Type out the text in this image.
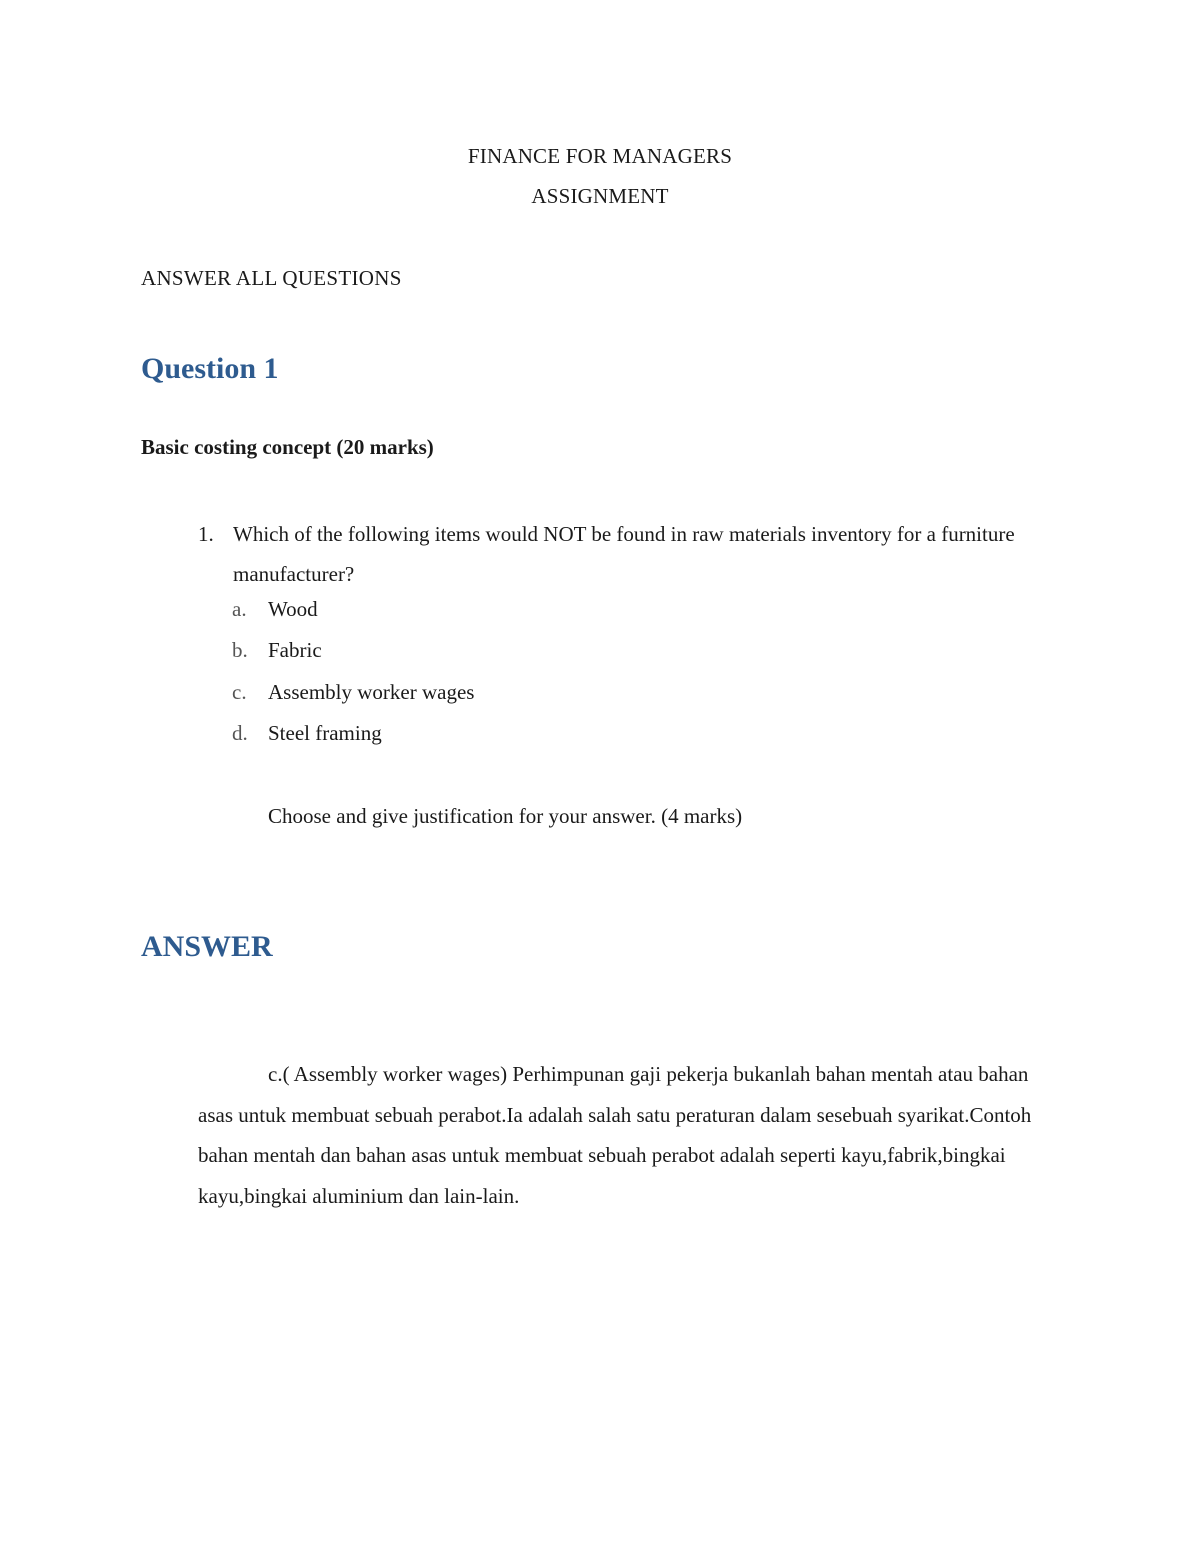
FINANCE FOR MANAGERS
ASSIGNMENT
ANSWER ALL QUESTIONS
Question 1
Basic costing concept (20 marks)
1. Which of the following items would NOT be found in raw materials inventory for a furniture manufacturer?
a. Wood
b. Fabric
c. Assembly worker wages
d. Steel framing
Choose and give justification for your answer. (4 marks)
ANSWER
c.( Assembly worker wages) Perhimpunan gaji pekerja bukanlah bahan mentah atau bahan asas untuk membuat sebuah perabot.Ia adalah salah satu peraturan dalam sesebuah syarikat.Contoh bahan mentah dan bahan asas untuk membuat sebuah perabot adalah seperti kayu,fabrik,bingkai kayu,bingkai aluminium dan lain-lain.
